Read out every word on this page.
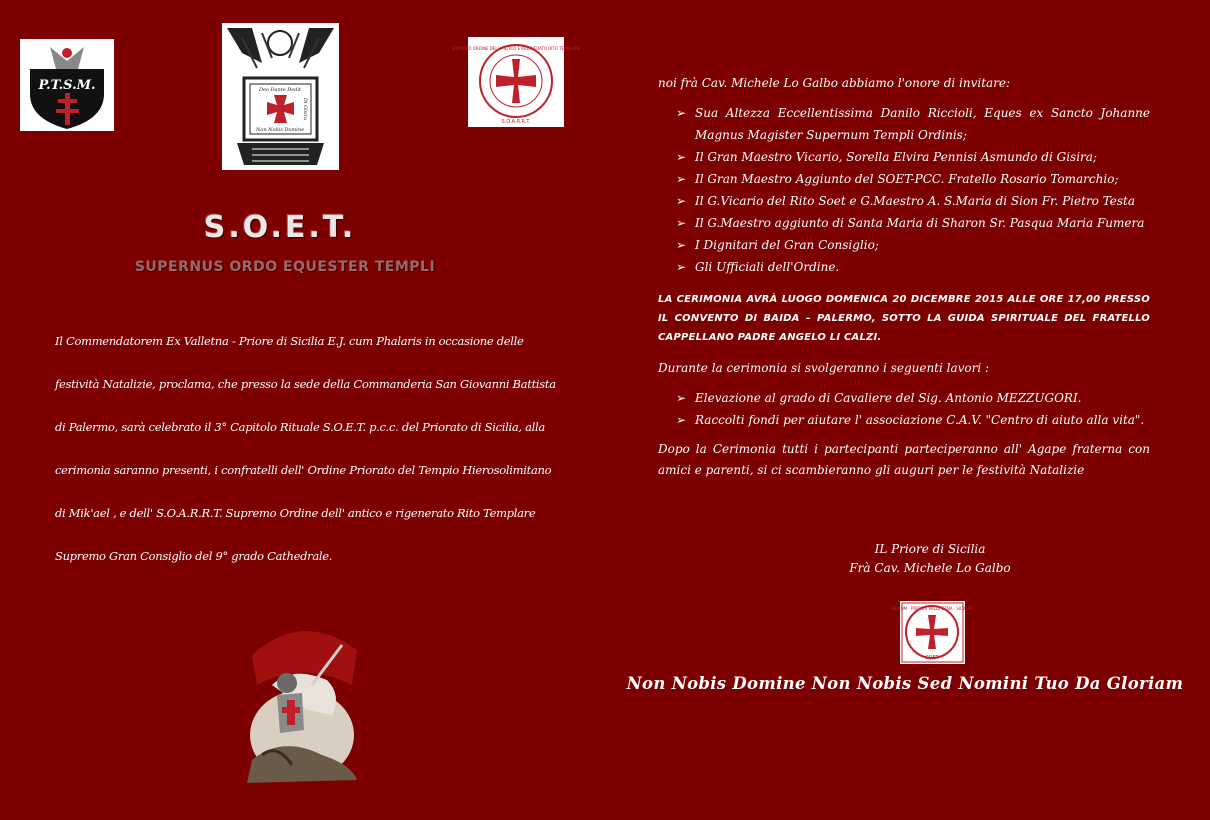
P.T.S.M.	Deo Dante Dedit
Non Nobis Domine
Di Gisira
SUPREMO ORDINE DELL'ANTICO E RIGENERATO RITO TEMPLARE
S.O.A.R.R.T.
S.O.E.T.
SUPERNUS ORDO EQUESTER TEMPLI
Il Commendatorem Ex Valletna - Priore di Sicilia E.J. cum Phalaris in occasione delle festività Natalizie, proclama, che presso la sede della Commanderia San Giovanni Battista di Palermo, sarà celebrato il 3° Capitolo Rituale S.O.E.T. p.c.c. del Priorato di Sicilia, alla cerimonia saranno presenti, i confratelli dell' Ordine Priorato del Tempio Hierosolimitano di Mik'ael , e dell' S.O.A.R.R.T. Supremo Ordine dell' antico e rigenerato Rito Templare Supremo Gran Consiglio del 9° grado Cathedrale.

noi frà Cav. Michele Lo Galbo abbiamo l'onore di invitare:

➢ Sua Altezza Eccellentissima Danilo Riccioli, Eques ex Sancto Johanne Magnus Magister Supernum Templi Ordinis;
➢ Il Gran Maestro Vicario, Sorella Elvira Pennisi Asmundo di Gisira;
➢ Il Gran Maestro Aggiunto del SOET-PCC. Fratello Rosario Tomarchio;
➢ Il G.Vicario del Rito Soet e G.Maestro A. S.Maria di Sion Fr. Pietro Testa
➢ Il G.Maestro aggiunto di Santa Maria di Sharon Sr. Pasqua Maria Fumera
➢ I Dignitari del Gran Consiglio;
➢ Gli Ufficiali dell'Ordine.

LA CERIMONIA AVRÀ LUOGO DOMENICA 20 DICEMBRE 2015 ALLE ORE 17,00 PRESSO IL CONVENTO DI BAIDA – PALERMO, SOTTO LA GUIDA SPIRITUALE DEL FRATELLO CAPPELLANO PADRE ANGELO LI CALZI.

Durante la cerimonia si svolgeranno i seguenti lavori :

➢ Elevazione al grado di Cavaliere del Sig. Antonio MEZZUGORI.
➢ Raccolti fondi per aiutare l' associazione C.A.V. "Centro di aiuto alla vita".

Dopo la Cerimonia tutti i partecipanti parteciperanno all' Agape fraterna con amici e parenti, si ci scambieranno gli auguri per le festività Natalizie

IL Priore di Sicilia
Frà Cav. Michele Lo Galbo
BELLUM · PRIORIS VALLE ETNA · SICILIAE
SOET
Non Nobis Domine Non Nobis Sed Nomini Tuo Da Gloriam
